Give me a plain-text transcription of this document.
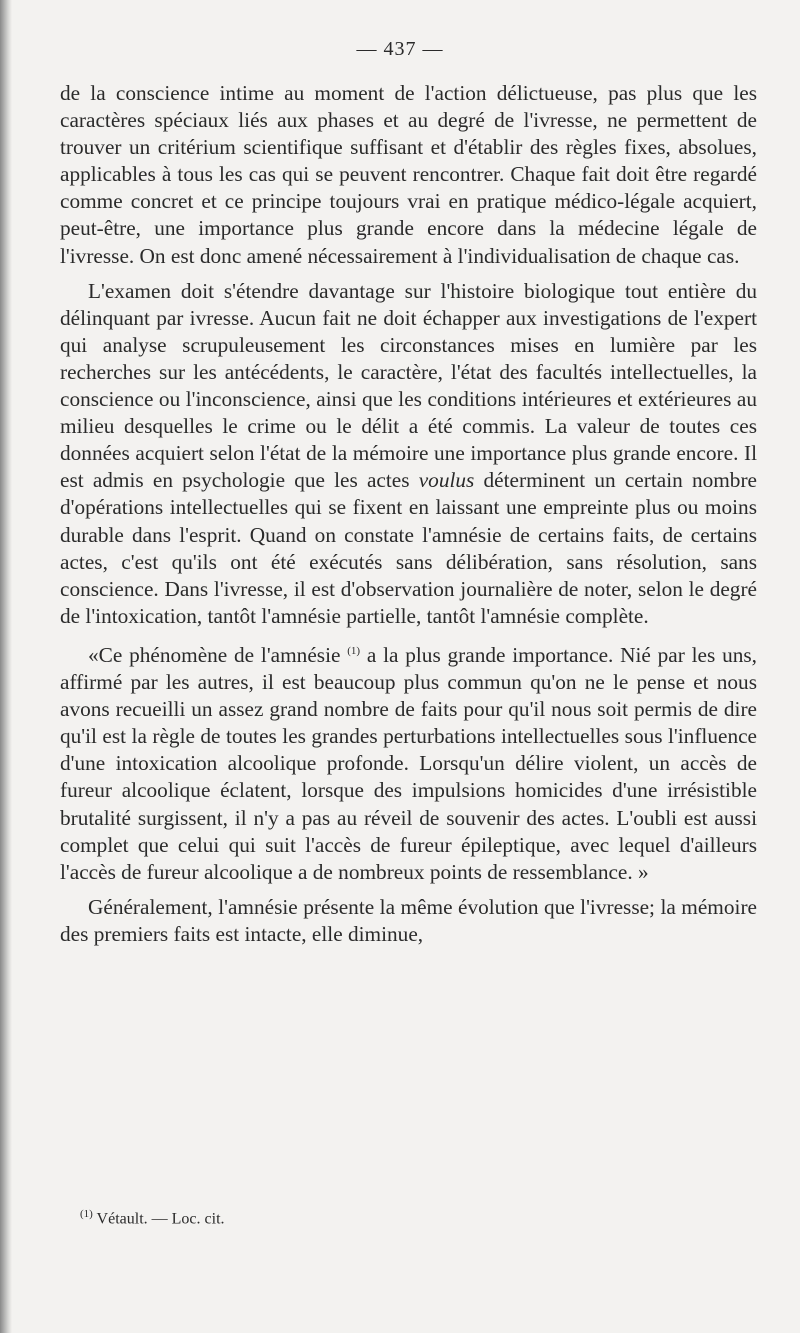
— 437 —

de la conscience intime au moment de l'action délictueuse, pas plus que les caractères spéciaux liés aux phases et au degré de l'ivresse, ne permettent de trouver un critérium scientifique suffisant et d'établir des règles fixes, absolues, applicables à tous les cas qui se peuvent rencontrer. Chaque fait doit être regardé comme concret et ce principe toujours vrai en pratique médico-légale acquiert, peut-être, une importance plus grande encore dans la médecine légale de l'ivresse. On est donc amené nécessairement à l'individualisation de chaque cas.

L'examen doit s'étendre davantage sur l'histoire biologique tout entière du délinquant par ivresse. Aucun fait ne doit échapper aux investigations de l'expert qui analyse scrupuleusement les circonstances mises en lumière par les recherches sur les antécédents, le caractère, l'état des facultés intellectuelles, la conscience ou l'inconscience, ainsi que les conditions intérieures et extérieures au milieu desquelles le crime ou le délit a été commis. La valeur de toutes ces données acquiert selon l'état de la mémoire une importance plus grande encore. Il est admis en psychologie que les actes voulus déterminent un certain nombre d'opérations intellectuelles qui se fixent en laissant une empreinte plus ou moins durable dans l'esprit. Quand on constate l'amnésie de certains faits, de certains actes, c'est qu'ils ont été exécutés sans délibération, sans résolution, sans conscience. Dans l'ivresse, il est d'observation journalière de noter, selon le degré de l'intoxication, tantôt l'amnésie partielle, tantôt l'amnésie complète.

«Ce phénomène de l'amnésie $^{(1)}$ a la plus grande importance. Nié par les uns, affirmé par les autres, il est beaucoup plus commun qu'on ne le pense et nous avons recueilli un assez grand nombre de faits pour qu'il nous soit permis de dire qu'il est la règle de toutes les grandes perturbations intellectuelles sous l'influence d'une intoxication alcoolique profonde. Lorsqu'un délire violent, un accès de fureur alcoolique éclatent, lorsque des impulsions homicides d'une irrésistible brutalité surgissent, il n'y a pas au réveil de souvenir des actes. L'oubli est aussi complet que celui qui suit l'accès de fureur épileptique, avec lequel d'ailleurs l'accès de fureur alcoolique a de nombreux points de ressemblance. »

Généralement, l'amnésie présente la même évolution que l'ivresse; la mémoire des premiers faits est intacte, elle diminue,

$^{(1)}$ Vétault. — Loc. cit.
